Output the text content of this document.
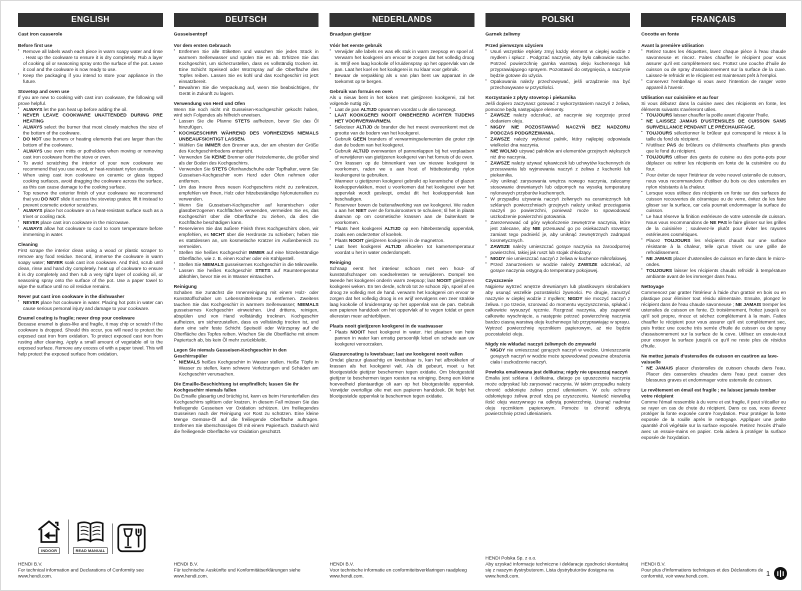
ENGLISH
Cast iron casserole
Before first use
▪ Remove all labels wash each piece in warm soapy water and rinse . Heat up the cookware to ensure it is dry completely. Rub a layer of cooking oil or seasoning spray onto the surface of the pot. Leave it cool and the cookware is now ready to use.
▪ Keep the packaging if you intend to store your appliance in the future.
Stovetop and oven use

If you are new to cooking with cast iron cookware, the following will prove helpful.

▪ ALWAYS let the pan heat up before adding the oil.
▪ NEVER LEAVE COOKWARE UNATTENDED DURING PRE HEATING
▪ ALWAYS select the burner that most closely matches the size of the bottom of the cookware.
▪ DO NOT use burners or heating elements that are larger than the bottom of the cookware.
▪ ALWAYS use oven mitts or potholders when moving or removing cast iron cookware from the stove or oven.
▪ To avoid scratching the interior of your new cookware we recommend that you use wood, or heat-resistant nylon utensils.
▪ When using cast iron cookware on ceramic or glass topped cooking surfaces, avoid dragging the cookware across the surface, as this can cause damage to the cooking surface.
▪ Top reserve the exterior finish of your cookware we recommend that you DO NOT slide it across the stovetop grates; lift it instead to prevent cosmetic exterior scratches.
▪ ALWAYS place hot cookware on a heat-resistant surface such as a trivet or cooling rack.
▪ NEVER place cast iron cookware in the microwave.
▪ ALWAYS allow hot cookware to cool to room temperature before immersing in water.
Cleaning

First scrape the interior clean using a wood or plastic scraper to remove any food residue. Second, immerse the cookware in warm soapy water; NEVER soak cast iron cookware. And third, scrub until clean, rinse and hand dry completely. heat up of cookware to ensure it is dry completely and then rub a very tight layer of cooking oil, or seasoning spray onto the surface of the pot. Use a paper towel to wipe the surface until no oil residue remains.

Never put cast iron cookware in the dishwasher
▪ NEVER place hot cookware in water. Placing hot pots in water can cause serious personal injury and damage to your cookware.
Enamel coating is fragile; never drop your cookware

Because enamel is glass-like and fragile, it may chip or scratch if the cookware is dropped. Should this occur, you will need to protect the exposed cast iron from oxidation. To protect exposed cast iron from rusting after cleaning. Apply a small amount of vegetable oil to the exposed surface. Remove any excess oil with a paper towel. This will help protect the exposed surface from oxidation.

INDOOR	READ MANUAL
HENDI B.V.
For technical information and Declarations of Conformity see www.hendi.com.
DEUTSCH
Gusseisentopf
Vor dem ersten Gebrauch
▪ Entfernen Sie alle Etiketten und waschen Sie jedes Stück in warmem Seifenwasser und spülen Sie es ab. Erhitzen Sie das Kochgeschirr, um sicherzustellen, dass es vollständig trocken ist. Eine Schicht Speiseöl oder Würzspray auf die Oberfläche des Topfes reiben. Lassen Sie es kühl und das Kochgeschirr ist jetzt einsatzbereit.
▪ Bewahren Sie die Verpackung auf, wenn Sie beabsichtigen, Ihr Gerät in Zukunft zu lagern.
Verwendung von Herd und Ofen

Wenn Sie noch nicht mit Gusseisen-Kochgeschirr gekocht haben, wird sich Folgendes als hilfreich erweisen.

▪ Lassen Sie die Pfanne STETS aufheizen, bevor Sie das Öl hinzufügen.
▪ KOCHGESCHIRR WÄHREND DES VORHEIZENS NIEMALS UNBEAUFSICHTIGT LASSEN.
▪ Wählen Sie IMMER den Brenner aus, der am ehesten der Größe des Kochgeschirrbodens entspricht.
▪ Verwenden Sie KEINE Brenner oder Heizelemente, die größer sind als der Boden des Kochgeschirrs.
▪ Verwenden Sie STETS Ofenhandschuhe oder Topfhalter, wenn Sie Gusseisen-Kochgeschirr vom Herd oder Ofen nehmen oder entfernen.
▪ Um das Innere Ihres neuen Kochgeschirrs nicht zu zerkratzen, empfehlen wir Ihnen, Holz oder hitzebeständige Nylonutensilien zu verwenden.
▪ Wenn Sie Gusseisen-Kochgeschirr auf keramischen oder glasüberzogenen Kochflächen verwenden, vermeiden Sie es, das Kochgeschirr über die Oberfläche zu ziehen, da dies die Kochfläche beschädigen kann.
▪ Reservieren Sie das äußere Finish Ihres Kochgeschirrs oben, wir empfehlen, es NICHT über die Herdroste zu schieben; heben Sie es stattdessen an, um kosmetische Kratzer im Außenbereich zu vermeiden.
▪ Stellen Sie heißes Kochgeschirr IMMER auf eine hitzebeständige Oberfläche, wie z. B. einen Kocher oder ein Kühlgestell.
▪ Stellen Sie NIEMALS gusseisernes Kochgeschirr in die Mikrowelle.
▪ Lassen Sie heißes Kochgeschirr STETS auf Raumtemperatur abkühlen, bevor Sie es in Wasser eintauchen.
Reinigung

Schaben Sie zunächst die Innenreinigung mit einem Holz- oder Kunststoffschaber um Lebensmittelreste zu entfernen. Zweitens tauchen Sie das Kochgeschirr in warmem Seifenwasser; NIEMALS gusseisernes Kochgeschirr einweichen. Und drittens, reinigen, abspülen und von Hand vollständig trocknen. Kochgeschirr aufheizen, um sicherzustellen, dass es vollständig trocken ist, und dann eine sehr feste Schicht Speiseöl oder Würzspray auf die Oberfläche des Topfes reiben. Wischen Sie die Oberfläche mit einem Papiertuch ab, bis kein Öl mehr zurückbleibt.

Legen Sie niemals Gusseisen-Kochgeschirr in den Geschirrspüler
▪ NIEMALS heißes Kochgeschirr in Wasser stellen. Heiße Töpfe in Wasser zu stellen, kann schwere Verletzungen und Schäden am Kochgeschirr verursachen.
Die Emaille-Beschichtung ist empfindlich; lassen Sie Ihr Kochgeschirr niemals fallen

Da Emaille glasartig und brüchig ist, kann es beim Herunterfallen des Kochgeschirrs splittern oder kratzen. In diesem Fall müssen Sie das freiliegende Gusseisen vor Oxidation schützen. Um freiliegendes Gusseisen nach der Reinigung vor Rost zu schützen. Eine kleine Menge Gemüse-Öl auf die freiliegende Oberfläche auftragen. Entfernen Sie überschüssiges Öl mit einem Papiertuch. Dadurch wird die freiliegende Oberfläche vor Oxidation geschützt.

HENDI B.V.
Für technische Auskünfte und Konformitätserklärungen siehe www.hendi.com.
NEDERLANDS
Braadpan gietijzer
Vóór het eerste gebruik
▪ Verwijder alle labels en was elk stuk in warm zeepsop en spoel af. Verwarm het kookgerei om ervoor te zorgen dat het volledig droog is. Wrijf een laag kookolie of kruidenspray op het oppervlak van de pan. Laat het koel en het kookgerei is nu klaar voor gebruik.
▪ Bewaar de verpakking als u van plan bent uw apparaat in de toekomst op te bergen.
Gebruik van fornuis en oven

Als u nieuw bent in het koken met gietijzeren kookgerei, zal het volgende nuttig zijn.

▪ Laat de pan ALTIJD opwarmen voordat u de olie toevoegt.
▪ LAAT KOOKGEREI NOOIT ONBEHEERD ACHTER TIJDENS HET VOORVERWARMEN.
▪ Selecteer ALTIJD de brander die het meest overeenkomt met de grootte van de bodem van het kookgerei.
▪ Gebruik GEEN branders of verwarmingselementen die groter zijn dan de bodem van het kookgerei.
▪ Gebruik ALTIJD ovenwanten of pannenlappen bij het verplaatsen of verwijderen van gietijzeren kookgerei van het fornuis of de oven.
▪ Om krassen op de binnenkant van uw nieuwe kookgerei te voorkomen, raden we u aan hout of hittebestendig nylon keukengerei te gebruiken.
▪ Wanneer u gietijzeren kookgerei gebruikt op keramische of glazen kookoppervlakken, moet u voorkomen dat het kookgerei over het oppervlak wordt gesleept, omdat dit het kookoppervlak kan beschadigen.
▪ Reserveer boven de buitenafwerking van uw kookgerei. We raden u aan het NIET over de fornuisroosters te schuiven; til het in plaats daarvan op om cosmetische krassen aan de buitenkant te voorkomen.
▪ Plaats heet kookgerei ALTIJD op een hittebestendig oppervlak, zoals een onderzetter of koelrek.
▪ Plaats NOOIT gietijzeren kookgerei in de magnetron.
▪ Laat heet kookgerei ALTIJD afkoelen tot kamertemperatuur voordat u het in water onderdompelt.
Reiniging

Schraap eerst het interieur schoon met een hout- of kunststofschraper om voedselresten te verwijderen. Dompel ten tweede het kookgerei onderin warm zeepsop; laat NOOIT gietijzeren kookgerei weken. En ten derde, schrob tot ze schoon zijn, spoel af en droog ze volledig met de hand. verwarm het kookgerei om ervoor te zorgen dat het volledig droog is en wrijf vervolgens een zeer strakke laag kookolie of kruidenspray op het oppervlak van de pan. Gebruik een papieren handdoek om het oppervlak af te vegen totdat er geen olieresten meer achterblijven.

Plaats nooit gietijzeren kookgerei in de vaatwasser
▪ Plaats NOOIT heet kookgerei in water. Het plaatsen van hete pannen in water kan ernstig persoonlijk letsel en schade aan uw kookgerei veroorzaken.
Glazuurcoating is kwetsbaar; laat uw kookgerei nooit vallen

Omdat glazuur glasachtig en kwetsbaar is, kan het afbrokkelen of krassen als het kookgerei valt. Als dit gebeurt, moet u het blootgestelde gietijzer beschermen tegen oxidatie. Om blootgesteld gietijzer te beschermen tegen roesten na reiniging. Breng een kleine hoeveelheid plantaardige oli aan op het blootgestelde oppervlak. Verwijder overtollige olie met een papieren handdoek. Dit helpt het blootgestelde oppervlak te beschermen tegen oxidatie.

HENDI B.V.
Voor technische informatie en conformiteitsverklaringen raadpleeg www.hendi.com.
POLSKI
Garnek żeliwny
Przed pierwszym użyciem
▪ Usuń wszystkie etykiety zmyj każdy element w ciepłej wodzie z mydłem i spłucz . Podgrzać naczynie, aby było całkowicie suche. Potrzeć powierzchnię garnka warstwą oleju kuchennego lub przyprawiającego sprayem. Pozostawić do ostygnięcia, a naczynie będzie gotowe do użycia.
▪ Opakowania należy przechowywać, jeśli urządzenie ma być przechowywane w przyszłości.
Korzystanie z płyty stovetop i piekarnika

Jeśli dopiero zaczynasz gotować z wykorzystaniem naczyń z żeliwa, pomocne będą następujące elementy.

▪ ZAWSZE należy odczekać, aż naczynie się rozgrzeje przed dodaniem oleju.
▪ NIGDY NIE POZOSTAWIAĆ NACZYŃ BEZ NADZORU PODCZAS PODGRZEWANIA.
▪ ZAWSZE należy wybierać palnik, który najlepiej odpowiada wielkości dna naczynia.
▪ NIE WOLNO używać palników ani elementów grzejnych większych niż dno naczynia.
▪ ZAWSZE należy używać rękawiczek lub uchwytów kuchennych do przesuwania lub wyjmowania naczyń z żeliwa z kuchenki lub piekarnika.
▪ Aby uniknąć zarysowania wnętrza nowego naczynia, zalecamy stosowanie drewnianych lub odpornych na wysoką temperaturę nylonowych przyborów kuchennych.
▪ W przypadku używania naczyń żeliwnych na ceramicznych lub szklanych powierzchniach grzejnych należy unikać przeciągania naczyń po powierzchni, ponieważ może to spowodować uszkodzenie powierzchni gotowania.
▪ Zarezerwować od góry wykończenie zewnętrzne naczynia, które jest zalecane, aby NIE przesuwać go po osiekaczach stovetop; zamiast tego podnieść je, aby uniknąć zewnętrznych zadrapań kosmetycznych.
▪ ZAWSZE należy umieszczać gorące naczynia na żaroodpornej powierzchni, takiej jak ruszt lub stojak chłodzący.
▪ NIGDY nie umieszczać naczyń z żeliwa w kuchence mikrofalowej.
▪ Przed zanurzeniem w wodzie należy ZAWSZE odczekać, aż gorące naczynia ostygną do temperatury pokojowej.
Czyszczenie

Najpierw wytrzeć wnętrze drewnianym lub plastikowym skrobakiem aby usunąć wszelkie pozostałości żywności. Po drugie, zanurzyć naczynie w ciepłej wodzie z mydłem; NIGDY nie moczyć naczyń z żeliwa. I po trzecie, szorować do momentu wyczyszczenia, spłukać i całkowicie wysuszyć ręcznie. Rozgrzać naczynia, aby zapewnić całkowite wyschnięcie, a następnie potrzeć powierzchnię naczynia bardzo ciasną warstwą oleju kuchennego lub przyprawiając w sprayu. Wytrzeć powierzchnię ręcznikiem papierowym, aż nie będzie pozostałości oleju.

Nigdy nie wkładać naczyń żeliwnych do zmywarki
▪ NIGDY nie umieszczać gorących naczyń w wodzie. Umieszczanie gorących naczyń w wodzie może spowodować poważne obrażenia ciała i uszkodzenie naczyń.
Powłoka emaliowana jest delikatna; nigdy nie upuszczaj naczyń

Emalia jest szklana i delikatna, dlatego po upuszczeniu naczynia może odpryskać lub zarysować naczynia. W takim przypadku należy chronić odsłonięte żeliwo przed utlenianiem. W celu ochrony odsłoniętego żeliwa przed rdzą po czyszczeniu. Nanieść niewielką ilość oleju warzywnego na odkrytą powierzchnię. Usunąć nadmiar oleju ręcznikiem papierowym. Pomoże to chronić odkrytą powierzchnię przed utlenianiem.

HENDI Polska Sp. z o.o.
Aby uzyskać informacje techniczne i deklaracje zgodności skontaktuj się z naszym dystrybutorem. Lista dystrybutorów dostępna na www.hendi.com.
FRANÇAIS
Cocotte en fonte
Avant la première utilisation
▪ Retirez toutes les étiquettes, lavez chaque pièce à l'eau chaude savonneuse et rincez. Faites chauffer le récipient pour vous assurer qu'il est complètement sec. Frottez une couche d'huile de cuisson ou de spray d'assaisonnement sur la surface de la cuve. Laissez-le refroidir et le récipient est maintenant prêt à l'emploi.
▪ Conservez l'emballage si vous avez l'intention de ranger votre appareil à l'avenir.
Utilisation sur cuisinière et au four

Si vous débutez dans la cuisine avec des récipients en fonte, les éléments suivants s'avéreront utiles.

▪ TOUJOURS laisser chauffer la poêle avant d'ajouter l'huile.
▪ NE LAISSEZ JAMAIS D'USTENSILES DE CUISSON SANS SURVEILLANCE PENDANT LE PRÉCHAUFFAGE.
▪ TOUJOURS sélectionner le brûleur qui correspond le mieux à la taille du fond du récipient.
▪ N'utilisez PAS de brûleurs ou d'éléments chauffants plus grands que le fond du récipient.
▪ TOUJOURS utiliser des gants de cuisine ou des porte-pots pour déplacer ou retirer les récipients en fonte de la cuisinière ou du four.
▪ Pour éviter de rayer l'intérieur de votre nouvel ustensile de cuisson, nous vous recommandons d'utiliser du bois ou des ustensiles en nylon résistants à la chaleur.
▪ Lorsque vous utilisez des récipients en fonte sur des surfaces de cuisson recouvertes de céramique ou de verre, évitez de les faire glisser sur la surface, car cela pourrait endommager la surface de cuisson.
▪ Le haut réserve la finition extérieure de votre ustensile de cuisson. Nous vous recommandons de NE PAS le faire glisser sur les grilles de la cuisinière ; soulevez-le plutôt pour éviter les rayures extérieures cosmétiques.
▪ Placez TOUJOURS les récipients chauds sur une surface résistante à la chaleur, telle qu'un trivet ou une grille de refroidissement.
▪ NE JAMAIS placer d'ustensiles de cuisson en fonte dans le micro-ondes.
▪ TOUJOURS laisser les récipients chauds refroidir à température ambiante avant de les immerger dans l'eau.
Nettoyage

Commencez par gratter l'intérieur à l'aide d'un grattoir en bois ou en plastique pour éliminer tout résidu alimentaire. Ensuite, plongez le récipient dans de l'eau chaude savonneuse ; NE JAMAIS tremper les ustensiles de cuisson en fonte. Et troisièmement, frottez jusqu'à ce qu'il soit propre, rincez et séchez complètement à la main. Faites chauffer le récipient pour vous assurer qu'il est complètement sec, puis frottez une couche très serrée d'huile de cuisson ou de spray d'assaisonnement sur la surface de la cuve. Utilisez un essuie-tout pour essuyer la surface jusqu'à ce qu'il ne reste plus de résidus d'huile.

Ne mettez jamais d'ustensiles de cuisson en castiron au lave-vaisselle
▪ NE JAMAIS placer d'ustensiles de cuisson chauds dans l'eau. Placer des casseroles chaudes dans l'eau peut causer des blessures graves et endommager votre ustensile de cuisson.
Le revêtement en émail est fragile ; ne laissez jamais tomber votre récipient

Comme l'émail ressemble à du verre et est fragile, il peut s'écailler ou se rayer en cas de chute du récipient. Dans ce cas, vous devrez protéger la fonte exposée contre l'oxydation. Pour protéger la fonte exposée de la rouille après le nettoyage. Appliquer une petite quantité d'oli végétale sur la surface exposée. Retirez l'excès d'huile avec un essuie-mains en papier. Cela aidera à protéger la surface exposée de l'oxydation.

HENDI B.V.
Pour plus d'informations techniques et des Déclarations de conformité, voir www.hendi.com.	1
